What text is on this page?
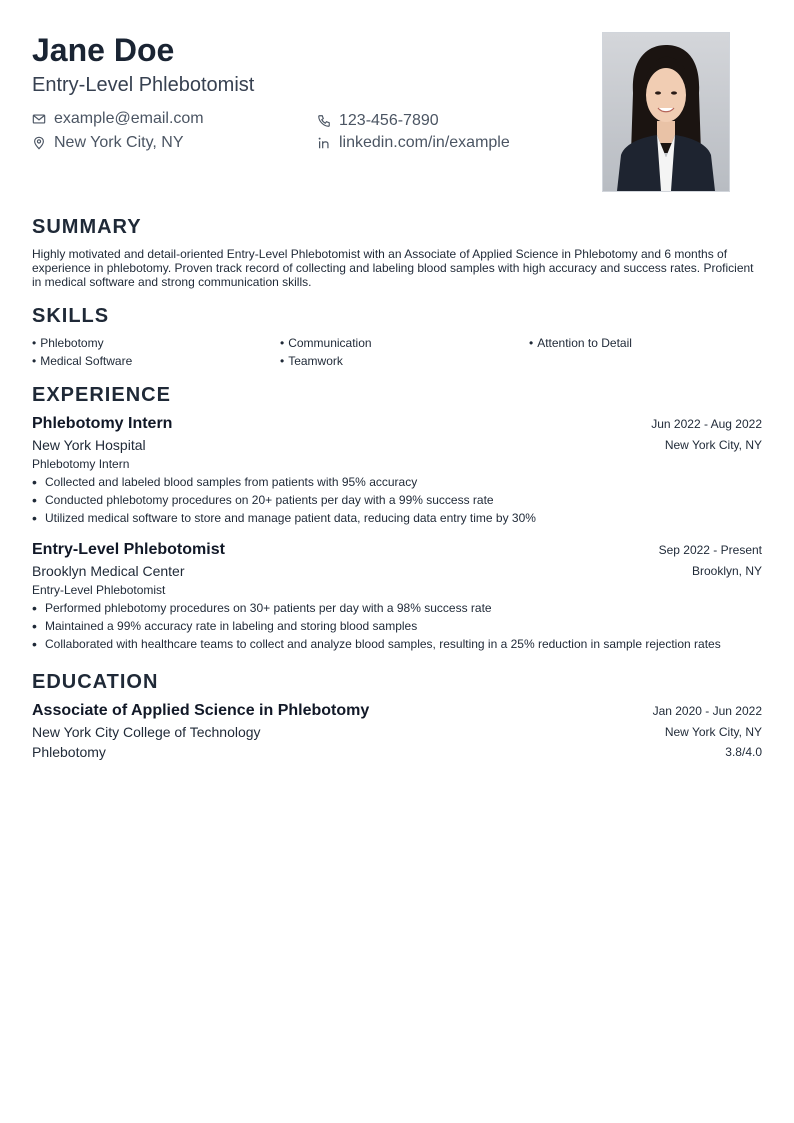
Jane Doe
Entry-Level Phlebotomist
example@email.com	123-456-7890
New York City, NY	linkedin.com/in/example
SUMMARY
Highly motivated and detail-oriented Entry-Level Phlebotomist with an Associate of Applied Science in Phlebotomy and 6 months of experience in phlebotomy. Proven track record of collecting and labeling blood samples with high accuracy and success rates. Proficient in medical software and strong communication skills.
SKILLS
• Phlebotomy	• Communication	• Attention to Detail
• Medical Software	• Teamwork
EXPERIENCE
Phlebotomy Intern	Jun 2022 - Aug 2022
New York Hospital	New York City, NY
Phlebotomy Intern
• Collected and labeled blood samples from patients with 95% accuracy
• Conducted phlebotomy procedures on 20+ patients per day with a 99% success rate
• Utilized medical software to store and manage patient data, reducing data entry time by 30%
Entry-Level Phlebotomist	Sep 2022 - Present
Brooklyn Medical Center	Brooklyn, NY
Entry-Level Phlebotomist
• Performed phlebotomy procedures on 30+ patients per day with a 98% success rate
• Maintained a 99% accuracy rate in labeling and storing blood samples
• Collaborated with healthcare teams to collect and analyze blood samples, resulting in a 25% reduction in sample rejection rates
EDUCATION
Associate of Applied Science in Phlebotomy	Jan 2020 - Jun 2022
New York City College of Technology	New York City, NY
Phlebotomy	3.8/4.0
